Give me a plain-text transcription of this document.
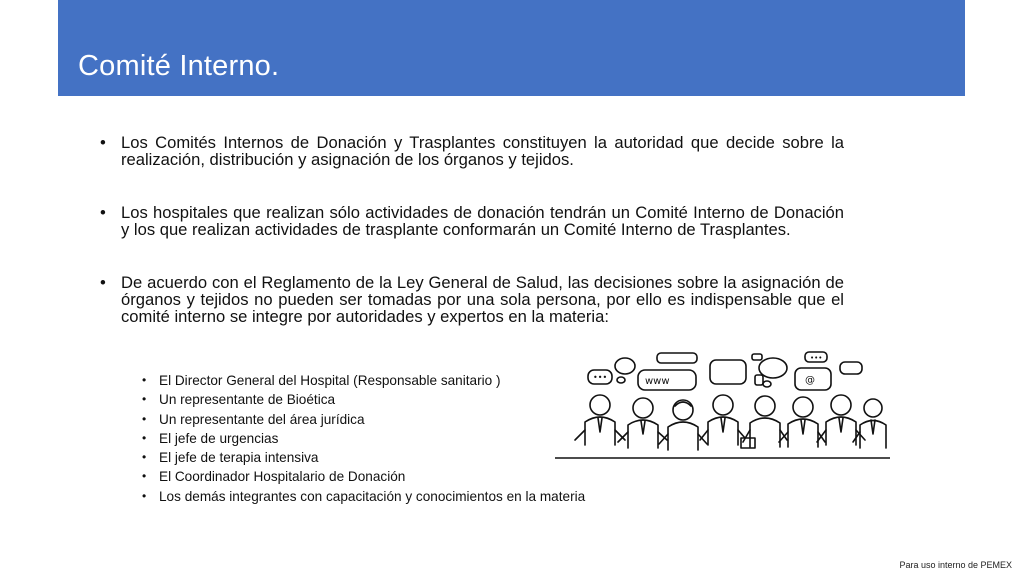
Comité Interno.
• Los Comités Internos de Donación y Trasplantes constituyen la autoridad que decide sobre la realización, distribución y asignación de los órganos y tejidos.
• Los hospitales que realizan sólo actividades de donación tendrán un Comité Interno de Donación y los que realizan actividades de trasplante conformarán un Comité Interno de Trasplantes.
• De acuerdo con el Reglamento de la Ley General de Salud, las decisiones sobre la asignación de órganos y tejidos no pueden ser tomadas por una sola persona, por ello es indispensable que el comité interno se integre por autoridades y expertos en la materia:
• El Director General del Hospital (Responsable sanitario )
• Un representante de Bioética
• Un representante del área jurídica
• El jefe de urgencias
• El jefe de terapia intensiva
• El Coordinador Hospitalario de Donación
• Los demás integrantes con capacitación y conocimientos en la materia
•••	www	@
•••
Para uso interno de PEMEX
